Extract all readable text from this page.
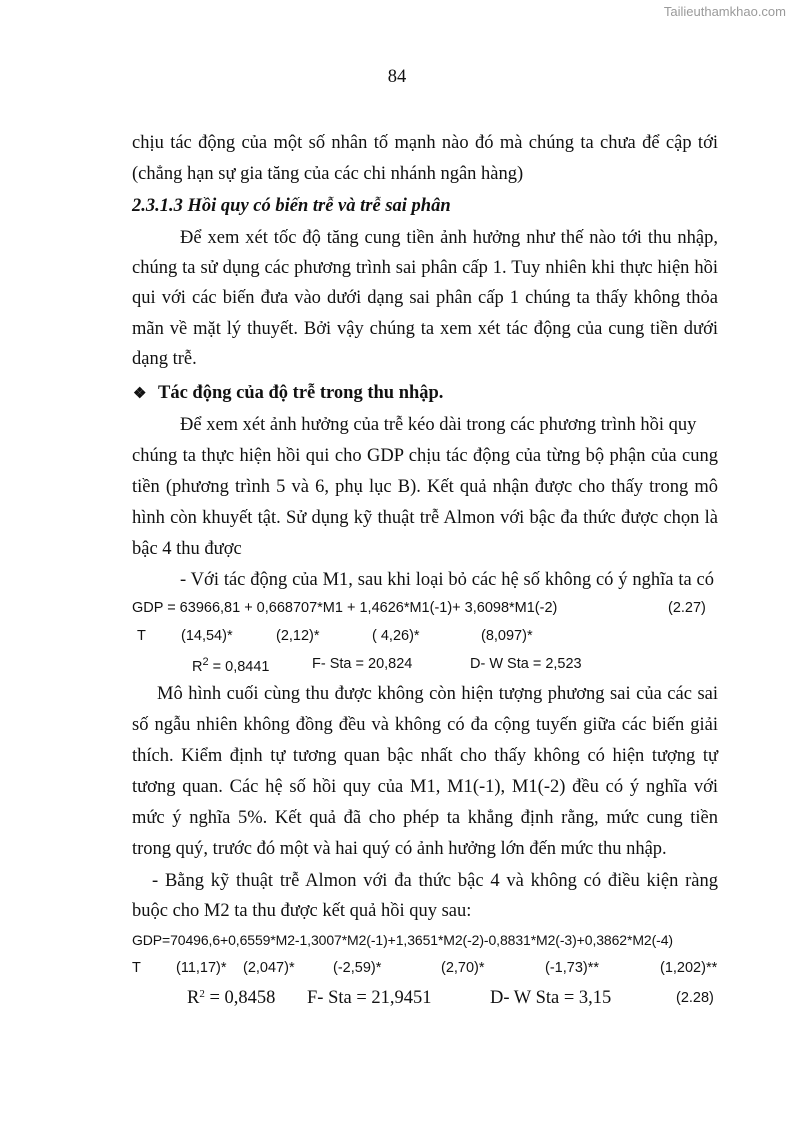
Tailieuthamkhao.com
84
chịu tác động của một số nhân tố mạnh nào đó mà chúng ta chưa để cập tới
(chẳng hạn sự gia tăng của các chi nhánh ngân hàng)
2.3.1.3 Hồi quy có biến trễ và trễ sai phân
Để xem xét tốc độ tăng cung tiền ảnh hưởng như thế nào tới thu nhập,
chúng ta sử dụng các phương trình sai phân cấp 1. Tuy nhiên khi thực hiện hồi
qui với các biến đưa vào dưới dạng sai phân cấp 1 chúng ta thấy không thỏa
mãn về mặt lý thuyết. Bởi vậy chúng ta xem xét tác động của cung tiền dưới
dạng trễ.
❖ Tác động của độ trễ trong thu nhập.
Để xem xét ảnh hưởng của trễ kéo dài trong các phương trình hồi quy
chúng ta thực hiện hồi qui cho GDP chịu tác động của từng bộ phận của cung
tiền (phương trình 5 và 6, phụ lục B). Kết quả nhận được cho thấy trong mô
hình còn khuyết tật. Sử dụng kỹ thuật trễ Almon với bậc đa thức được chọn là
bậc 4 thu được
- Với tác động của M1, sau khi loại bỏ các hệ số không có ý nghĩa ta có
GDP = 63966,81 + 0,668707*M1 + 1,4626*M1(-1)+ 3,6098*M1(-2)	(2.27)
T (14,54)*	(2,12)*	( 4,26)*	(8,097)*
$R^2 = 0,8441$	F- Sta = 20,824	D- W Sta = 2,523
Mô hình cuối cùng thu được không còn hiện tượng phương sai của các sai
số ngẫu nhiên không đồng đều và không có đa cộng tuyến giữa các biến giải
thích. Kiểm định tự tương quan bậc nhất cho thấy không có hiện tượng tự
tương quan. Các hệ số hồi quy của M1, M1(-1), M1(-2) đều có ý nghĩa với
mức ý nghĩa 5%. Kết quả đã cho phép ta khẳng định rằng, mức cung tiền
trong quý, trước đó một và hai quý có ảnh hưởng lớn đến mức thu nhập.
- Bằng kỹ thuật trễ Almon với đa thức bậc 4 và không có điều kiện ràng
buộc cho M2 ta thu được kết quả hồi quy sau:
GDP=70496,6+0,6559*M2-1,3007*M2(-1)+1,3651*M2(-2)-0,8831*M2(-3)+0,3862*M2(-4)
T (11,17)* (2,047)*	(-2,59)*	(2,70)*	(-1,73)**	(1,202)**
$R^2 = 0,8458$ F- Sta = 21,9451	D- W Sta = 3,15	(2.28)
